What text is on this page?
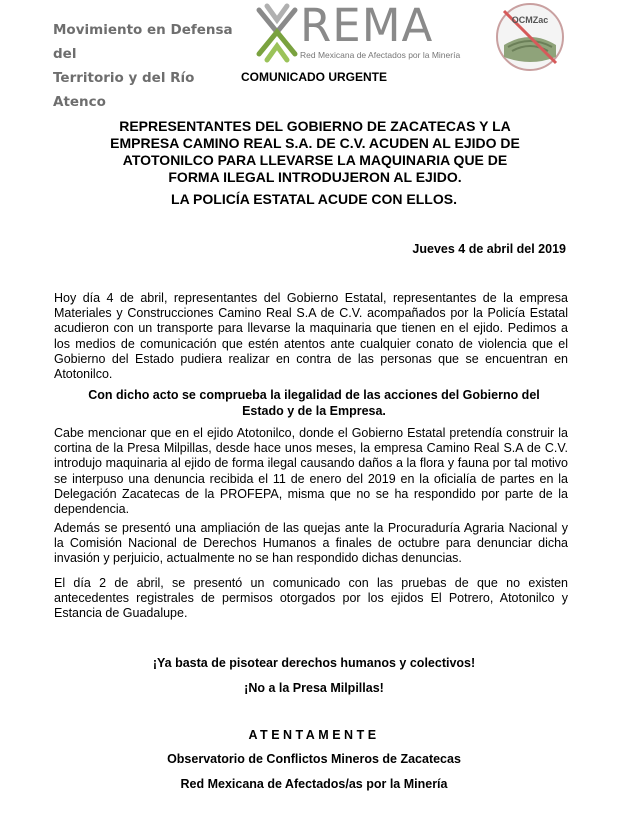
Movimiento en Defensa del
Territorio y del Río Atenco
REMA
Red Mexicana de Afectados por la Minería
OCMZac
COMUNICADO URGENTE
REPRESENTANTES DEL GOBIERNO DE ZACATECAS Y LA EMPRESA CAMINO REAL S.A. DE C.V. ACUDEN AL EJIDO DE ATOTONILCO PARA LLEVARSE LA MAQUINARIA QUE DE FORMA ILEGAL INTRODUJERON AL EJIDO.
LA POLICÍA ESTATAL ACUDE CON ELLOS.
Jueves 4 de abril del 2019

Hoy día 4 de abril, representantes del Gobierno Estatal, representantes de la empresa Materiales y Construcciones Camino Real S.A de C.V. acompañados por la Policía Estatal acudieron con un transporte para llevarse la maquinaria que tienen en el ejido. Pedimos a los medios de comunicación que estén atentos ante cualquier conato de violencia que el Gobierno del Estado pudiera realizar en contra de las personas que se encuentran en Atotonilco.

Con dicho acto se comprueba la ilegalidad de las acciones del Gobierno del Estado y de la Empresa.

Cabe mencionar que en el ejido Atotonilco, donde el Gobierno Estatal pretendía construir la cortina de la Presa Milpillas, desde hace unos meses, la empresa Camino Real S.A de C.V. introdujo maquinaria al ejido de forma ilegal causando daños a la flora y fauna por tal motivo se interpuso una denuncia recibida el 11 de enero del 2019 en la oficialía de partes en la Delegación Zacatecas de la PROFEPA, misma que no se ha respondido por parte de la dependencia.

Además se presentó una ampliación de las quejas ante la Procuraduría Agraria Nacional y la Comisión Nacional de Derechos Humanos a finales de octubre para denunciar dicha invasión y perjuicio, actualmente no se han respondido dichas denuncias.

El día 2 de abril, se presentó un comunicado con las pruebas de que no existen antecedentes registrales de permisos otorgados por los ejidos El Potrero, Atotonilco y Estancia de Guadalupe.

¡Ya basta de pisotear derechos humanos y colectivos!
¡No a la Presa Milpillas!
ATENTAMENTE
Observatorio de Conflictos Mineros de Zacatecas
Red Mexicana de Afectados/as por la Minería
